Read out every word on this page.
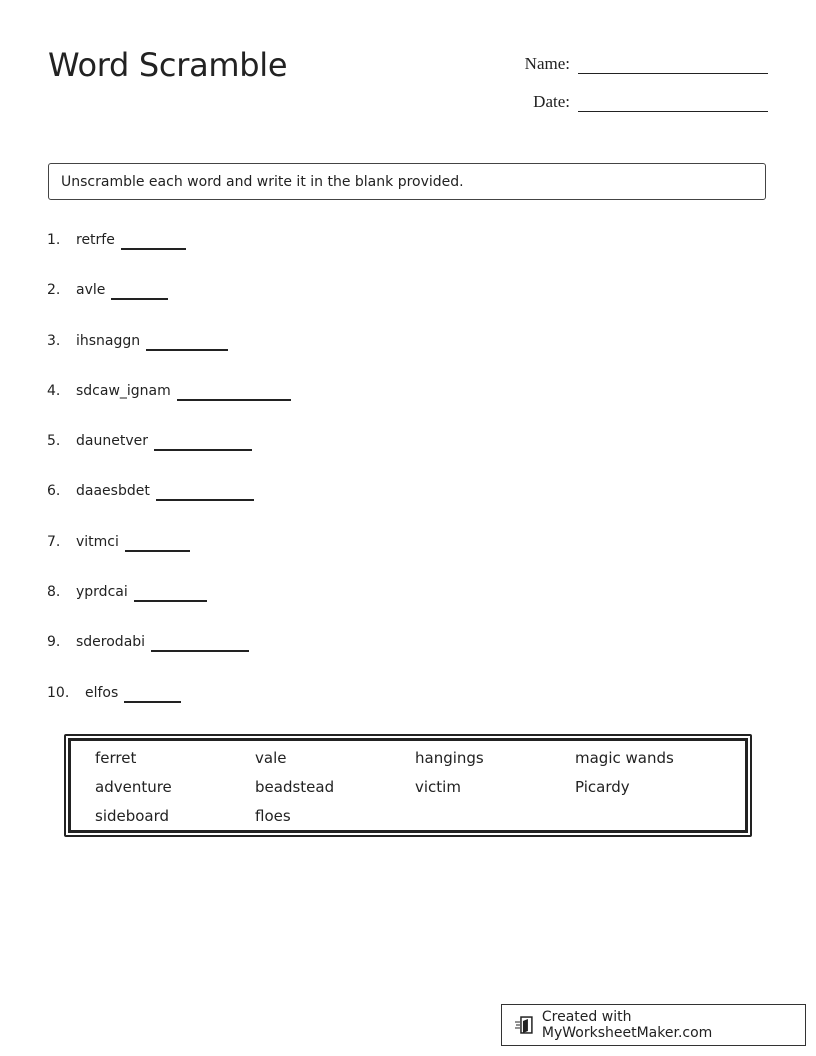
Word Scramble	Name:
Date:
Unscramble each word and write it in the blank provided.
1.	retrfe
2.	avle
3.	ihsnaggn
4.	sdcaw_ignam
5.	daunetver
6.	daaesbdet
7.	vitmci
8.	yprdcai
9.	sderodabi
10.	elfos
ferret	vale	hangings	magic wands
adventure	beadstead	victim	Picardy
sideboard	floes
Created with MyWorksheetMaker.com
